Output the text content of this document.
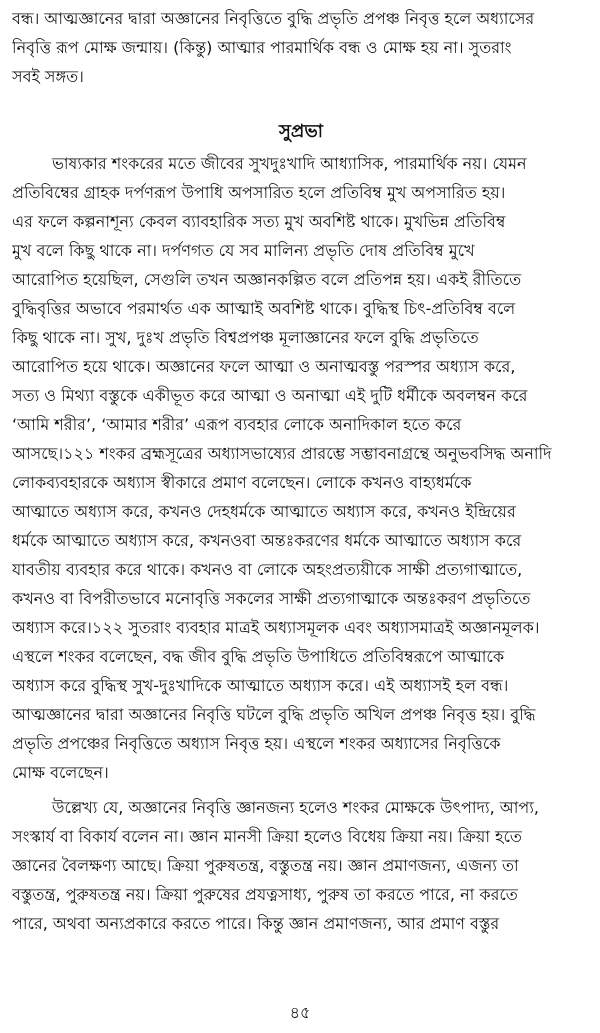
বন্ধ। আত্মজ্ঞানের দ্বারা অজ্ঞানের নিবৃত্তিতে বুদ্ধি প্রভৃতি প্রপঞ্চ নিবৃত্ত হলে অধ্যাসের
নিবৃত্তি রূপ মোক্ষ জন্মায়। (কিন্তু) আত্মার পারমার্থিক বন্ধ ও মোক্ষ হয় না। সুতরাং
সবই সঙ্গত।
সুপ্রভা
ভাষ্যকার শংকরের মতে জীবের সুখদুঃখাদি আধ্যাসিক, পারমার্থিক নয়। যেমন
প্রতিবিম্বের গ্রাহক দর্পণরূপ উপাধি অপসারিত হলে প্রতিবিম্ব মুখ অপসারিত হয়।
এর ফলে কল্পনাশূন্য কেবল ব্যাবহারিক সত্য মুখ অবশিষ্ট থাকে। মুখভিন্ন প্রতিবিম্ব
মুখ বলে কিছু থাকে না। দর্পণগত যে সব মালিন্য প্রভৃতি দোষ প্রতিবিম্ব মুখে
আরোপিত হয়েছিল, সেগুলি তখন অজ্ঞানকল্পিত বলে প্রতিপন্ন হয়। একই রীতিতে
বুদ্ধিবৃত্তির অভাবে পরমার্থত এক আত্মাই অবশিষ্ট থাকে। বুদ্ধিস্থ চিৎ-প্রতিবিম্ব বলে
কিছু থাকে না। সুখ, দুঃখ প্রভৃতি বিশ্বপ্রপঞ্চ মূলাজ্ঞানের ফলে বুদ্ধি প্রভৃতিতে
আরোপিত হয়ে থাকে। অজ্ঞানের ফলে আত্মা ও অনাত্মবস্তু পরস্পর অধ্যাস করে,
সত্য ও মিথ্যা বস্তুকে একীভূত করে আত্মা ও অনাত্মা এই দুটি ধর্মীকে অবলম্বন করে
‘আমি শরীর’, ‘আমার শরীর’ এরূপ ব্যবহার লোকে অনাদিকাল হতে করে
আসছে।১২১ শংকর ব্রহ্মসূত্রের অধ্যাসভাষ্যের প্রারম্ভে সম্ভাবনাগ্রন্থে অনুভবসিদ্ধ অনাদি
লোকব্যবহারকে অধ্যাস স্বীকারে প্রমাণ বলেছেন। লোকে কখনও বাহ্যধর্মকে
আত্মাতে অধ্যাস করে, কখনও দেহধর্মকে আত্মাতে অধ্যাস করে, কখনও ইন্দ্রিয়ের
ধর্মকে আত্মাতে অধ্যাস করে, কখনওবা অন্তঃকরণের ধর্মকে আত্মাতে অধ্যাস করে
যাবতীয় ব্যবহার করে থাকে। কখনও বা লোকে অহংপ্রত্যয়ীকে সাক্ষী প্রত্যগাত্মাতে,
কখনও বা বিপরীতভাবে মনোবৃত্তি সকলের সাক্ষী প্রত্যগাত্মাকে অন্তঃকরণ প্রভৃতিতে
অধ্যাস করে।১২২ সুতরাং ব্যবহার মাত্রই অধ্যাসমূলক এবং অধ্যাসমাত্রই অজ্ঞানমূলক।
এস্থলে শংকর বলেছেন, বদ্ধ জীব বুদ্ধি প্রভৃতি উপাধিতে প্রতিবিম্বরূপে আত্মাকে
অধ্যাস করে বুদ্ধিস্থ সুখ-দুঃখাদিকে আত্মাতে অধ্যাস করে। এই অধ্যাসই হল বন্ধ।
আত্মজ্ঞানের দ্বারা অজ্ঞানের নিবৃত্তি ঘটলে বুদ্ধি প্রভৃতি অখিল প্রপঞ্চ নিবৃত্ত হয়। বুদ্ধি
প্রভৃতি প্রপঞ্চের নিবৃত্তিতে অধ্যাস নিবৃত্ত হয়। এস্থলে শংকর অধ্যাসের নিবৃত্তিকে
মোক্ষ বলেছেন।
উল্লেখ্য যে, অজ্ঞানের নিবৃত্তি জ্ঞানজন্য হলেও শংকর মোক্ষকে উৎপাদ্য, আপ্য,
সংস্কার্য বা বিকার্য বলেন না। জ্ঞান মানসী ক্রিয়া হলেও বিধেয় ক্রিয়া নয়। ক্রিয়া হতে
জ্ঞানের বৈলক্ষণ্য আছে। ক্রিয়া পুরুষতন্ত্র, বস্তুতন্ত্র নয়। জ্ঞান প্রমাণজন্য, এজন্য তা
বস্তুতন্ত্র, পুরুষতন্ত্র নয়। ক্রিয়া পুরুষের প্রযত্নসাধ্য, পুরুষ তা করতে পারে, না করতে
পারে, অথবা অন্যপ্রকারে করতে পারে। কিন্তু জ্ঞান প্রমাণজন্য, আর প্রমাণ বস্তুর
৪৫
